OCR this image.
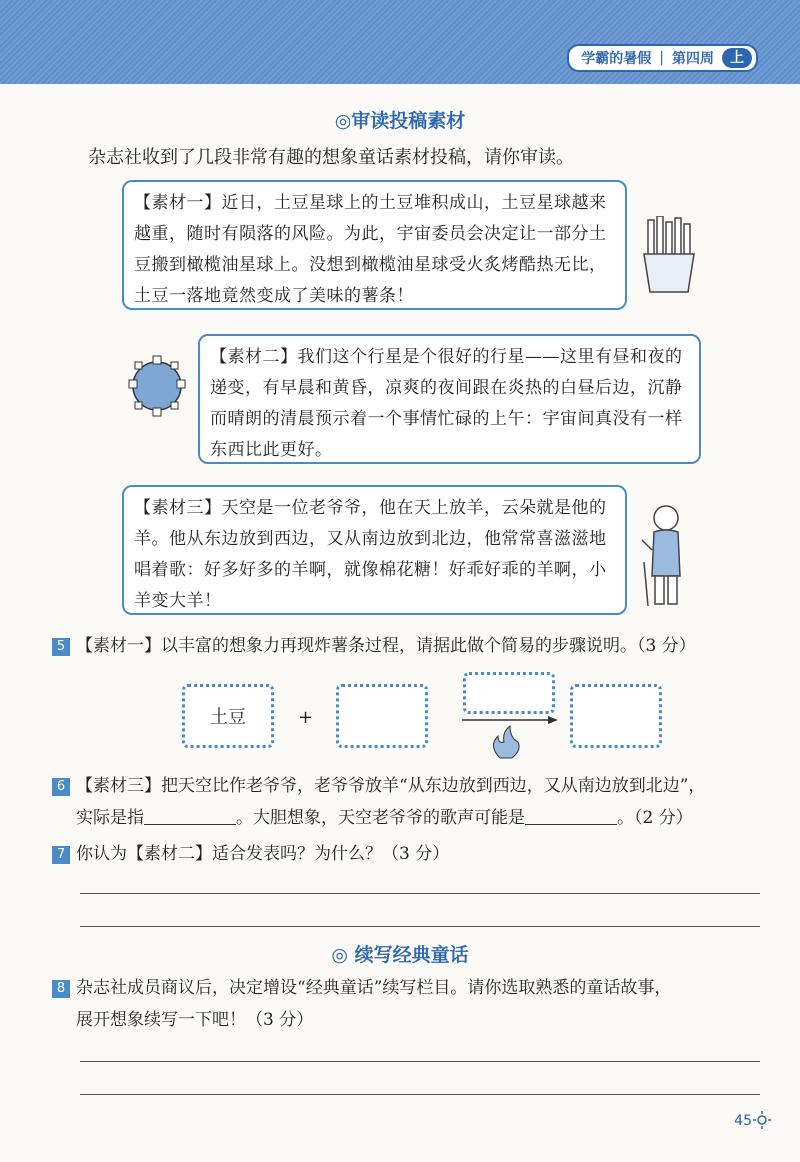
学霸的暑假 | 第四周	上
◎审读投稿素材
杂志社收到了几段非常有趣的想象童话素材投稿，请你审读。
【素材一】近日，土豆星球上的土豆堆积成山，土豆星球越来越重，随时有陨落的风险。为此，宇宙委员会决定让一部分土豆搬到橄榄油星球上。没想到橄榄油星球受火炙烤酷热无比，土豆一落地竟然变成了美味的薯条！
【素材二】我们这个行星是个很好的行星——这里有昼和夜的递变，有早晨和黄昏，凉爽的夜间跟在炎热的白昼后边，沉静而晴朗的清晨预示着一个事情忙碌的上午：宇宙间真没有一样东西比此更好。
【素材三】天空是一位老爷爷，他在天上放羊，云朵就是他的羊。他从东边放到西边，又从南边放到北边，他常常喜滋滋地唱着歌：好多好多的羊啊，就像棉花糖！好乖好乖的羊啊，小羊变大羊！
5 【素材一】以丰富的想象力再现炸薯条过程，请据此做个简易的步骤说明。（3 分）
土豆	+
6 【素材三】把天空比作老爷爷，老爷爷放羊“从东边放到西边，又从南边放到北边”，
实际是指	。大胆想象，天空老爷爷的歌声可能是	。（2 分）
7 你认为【素材二】适合发表吗？为什么？（3 分）
◎ 续写经典童话
8 杂志社成员商议后，决定增设“经典童话”续写栏目。请你选取熟悉的童话故事，
展开想象续写一下吧！（3 分）
45
